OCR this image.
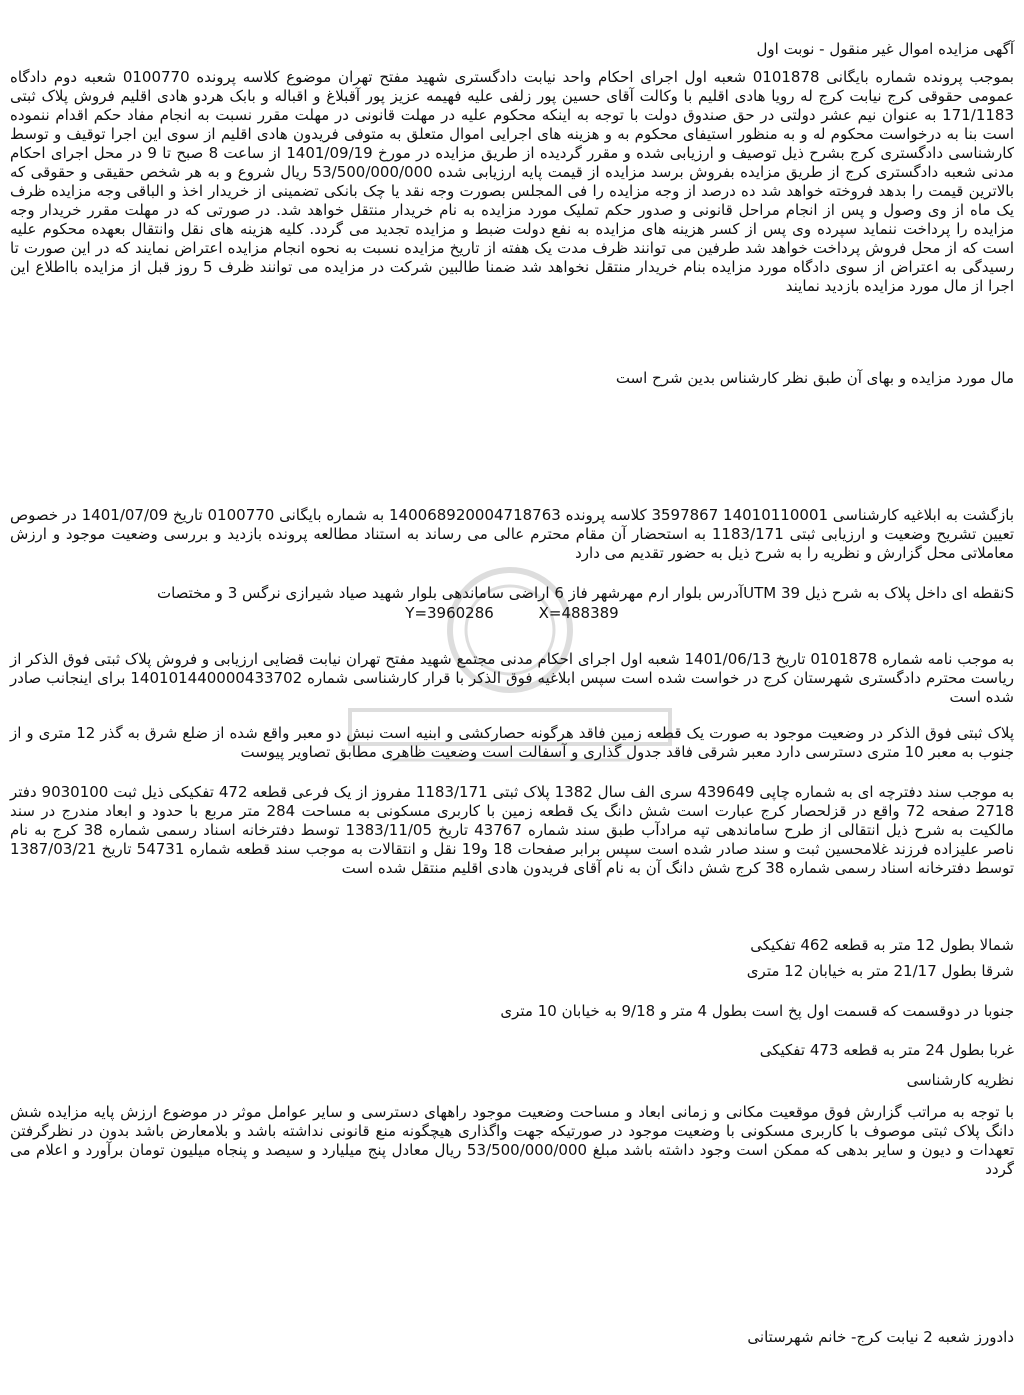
آگهی مزایده اموال غیر منقول - نوبت اول
بموجب پرونده شماره بایگانی 0101878 شعبه اول اجرای احکام واحد نیابت دادگستری شهید مفتح تهران موضوع کلاسه پرونده 0100770 شعبه دوم دادگاه عمومی حقوقی کرج نیابت کرج له رویا هادی اقلیم با وکالت آقای حسین پور زلفی علیه فهیمه عزیز پور آقبلاغ و اقباله و بابک هردو هادی اقلیم فروش پلاک ثبتی 171/1183 به عنوان نیم عشر دولتی در حق صندوق دولت با توجه به اینکه محکوم علیه در مهلت قانونی در مهلت مقرر نسبت به انجام مفاد حکم اقدام ننموده است بنا به درخواست محکوم له و به منظور استیفای محکوم به و هزینه های اجرایی اموال متعلق به متوفی فریدون هادی اقلیم از سوی این اجرا توقیف و توسط کارشناسی دادگستری کرج بشرح ذیل توصیف و ارزیابی شده و مقرر گردیده از طریق مزایده در مورخ 1401/09/19 از ساعت 8 صبح تا 9 در محل اجرای احکام مدنی شعبه دادگستری کرج از طریق مزایده بفروش برسد مزایده از قیمت پایه ارزیابی شده 53/500/000/000 ریال شروع و به هر شخص حقیقی و حقوقی که بالاترین قیمت را بدهد فروخته خواهد شد ده درصد از وجه مزایده را فی المجلس بصورت وجه نقد یا چک بانکی تضمینی از خریدار اخذ و الباقی وجه مزایده ظرف یک ماه از وی وصول و پس از انجام مراحل قانونی و صدور حکم تملیک مورد مزایده به نام خریدار منتقل خواهد شد. در صورتی که در مهلت مقرر خریدار وجه مزایده را پرداخت ننماید سپرده وی پس از کسر هزینه های مزایده به نفع دولت ضبط و مزایده تجدید می گردد. کلیه هزینه های نقل وانتقال بعهده محکوم علیه است که از محل فروش پرداخت خواهد شد طرفین می توانند ظرف مدت یک هفته از تاریخ مزایده نسبت به نحوه انجام مزایده اعتراض نمایند که در این صورت تا رسیدگی به اعتراض از سوی دادگاه مورد مزایده بنام خریدار منتقل نخواهد شد ضمنا طالبین شرکت در مزایده می توانند ظرف 5 روز قبل از مزایده بااطلاع این اجرا از مال مورد مزایده بازدید نمایند
مال مورد مزایده و بهای آن طبق نظر کارشناس بدین شرح است
بازگشت به ابلاغیه کارشناسی 14010110001 3597867 کلاسه پرونده 140068920004718763 به شماره بایگانی 0100770 تاریخ 1401/07/09 در خصوص تعیین تشریح وضعیت و ارزیابی ثبتی 1183/171 به استحضار آن مقام محترم عالی می رساند به استناد مطالعه پرونده بازدید و بررسی وضعیت موجود و ارزش معاملاتی محل گزارش و نظریه را به شرح ذیل به حضور تقدیم می دارد
Sنقطه ای داخل پلاک به شرح ذیل 39 UTMآدرس بلوار ارم مهرشهر فاز 6 اراضی ساماندهی بلوار شهید صیاد شیرازی نرگس 3 و مختصات
Y=3960286	X=488389
به موجب نامه شماره 0101878 تاریخ 1401/06/13 شعبه اول اجرای احکام مدنی مجتمع شهید مفتح تهران نیابت قضایی ارزیابی و فروش پلاک ثبتی فوق الذکر از ریاست محترم دادگستری شهرستان کرج در خواست شده است سپس ابلاغیه فوق الذکر با قرار کارشناسی شماره 140101440000433702 برای اینجانب صادر شده است
پلاک ثبتی فوق الذکر در وضعیت موجود به صورت یک قطعه زمین فاقد هرگونه حصارکشی و ابنیه است نبش دو معبر واقع شده از ضلع شرق به گذر 12 متری و از جنوب به معبر 10 متری دسترسی دارد معبر شرقی فاقد جدول گذاری و آسفالت است وضعیت ظاهری مطابق تصاویر پیوست
به موجب سند دفترچه ای به شماره چاپی 439649 سری الف سال 1382 پلاک ثبتی 1183/171 مفروز از یک فرعی قطعه 472 تفکیکی ذیل ثبت 9030100 دفتر 2718 صفحه 72 واقع در قزلحصار کرج عبارت است شش دانگ یک قطعه زمین با کاربری مسکونی به مساحت 284 متر مربع با حدود و ابعاد مندرج در سند مالکیت به شرح ذیل انتقالی از طرح ساماندهی تپه مرادآب طبق سند شماره 43767 تاریخ 1383/11/05 توسط دفترخانه اسناد رسمی شماره 38 کرج به نام ناصر علیزاده فرزند غلامحسین ثبت و سند صادر شده است سپس برابر صفحات 18 و19 نقل و انتقالات به موجب سند قطعه شماره 54731 تاریخ 1387/03/21 توسط دفترخانه اسناد رسمی شماره 38 کرج شش دانگ آن به نام آقای فریدون هادی اقلیم منتقل شده است
شمالا بطول 12 متر به قطعه 462 تفکیکی
شرقا بطول 21/17 متر به خیابان 12 متری
جنوبا در دوقسمت که قسمت اول پخ است بطول 4 متر و 9/18 به خیابان 10 متری
غربا بطول 24 متر به قطعه 473 تفکیکی
نظریه کارشناسی
با توجه به مراتب گزارش فوق موقعیت مکانی و زمانی ابعاد و مساحت وضعیت موجود راههای دسترسی و سایر عوامل موثر در موضوع ارزش پایه مزایده شش دانگ پلاک ثبتی موصوف با کاربری مسکونی با وضعیت موجود در صورتیکه جهت واگذاری هیچگونه منع قانونی نداشته باشد و بلامعارض باشد بدون در نظرگرفتن تعهدات و دیون و سایر بدهی که ممکن است وجود داشته باشد مبلغ 53/500/000/000 ریال معادل پنج میلیارد و سیصد و پنجاه میلیون تومان برآورد و اعلام می گردد
دادورز شعبه 2 نیابت کرج- خانم شهرستانی
